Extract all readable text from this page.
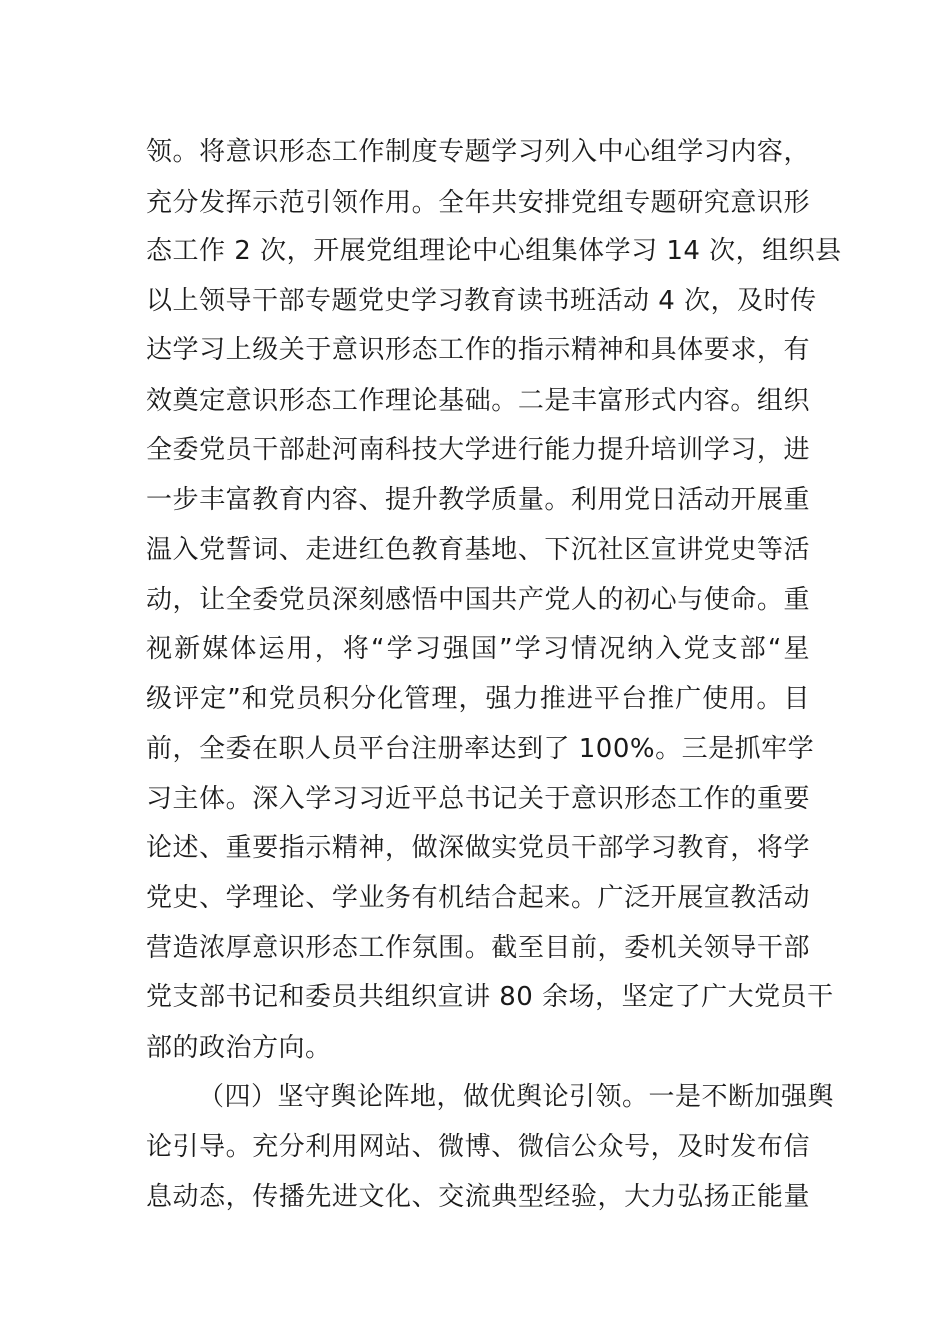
领。将意识形态工作制度专题学习列入中心组学习内容，

充分发挥示范引领作用。全年共安排党组专题研究意识形

态工作 2 次，开展党组理论中心组集体学习 14 次，组织县

以上领导干部专题党史学习教育读书班活动 4 次，及时传

达学习上级关于意识形态工作的指示精神和具体要求，有

效奠定意识形态工作理论基础。二是丰富形式内容。组织

全委党员干部赴河南科技大学进行能力提升培训学习，进

一步丰富教育内容、提升教学质量。利用党日活动开展重

温入党誓词、走进红色教育基地、下沉社区宣讲党史等活

动，让全委党员深刻感悟中国共产党人的初心与使命。重

视新媒体运用，将“学习强国”学习情况纳入党支部“星

级评定”和党员积分化管理，强力推进平台推广使用。目

前，全委在职人员平台注册率达到了 100%。三是抓牢学

习主体。深入学习习近平总书记关于意识形态工作的重要

论述、重要指示精神，做深做实党员干部学习教育，将学

党史、学理论、学业务有机结合起来。广泛开展宣教活动

营造浓厚意识形态工作氛围。截至目前，委机关领导干部

党支部书记和委员共组织宣讲 80 余场，坚定了广大党员干

部的政治方向。

（四）坚守舆论阵地，做优舆论引领。一是不断加强舆

论引导。充分利用网站、微博、微信公众号，及时发布信

息动态，传播先进文化、交流典型经验，大力弘扬正能量
